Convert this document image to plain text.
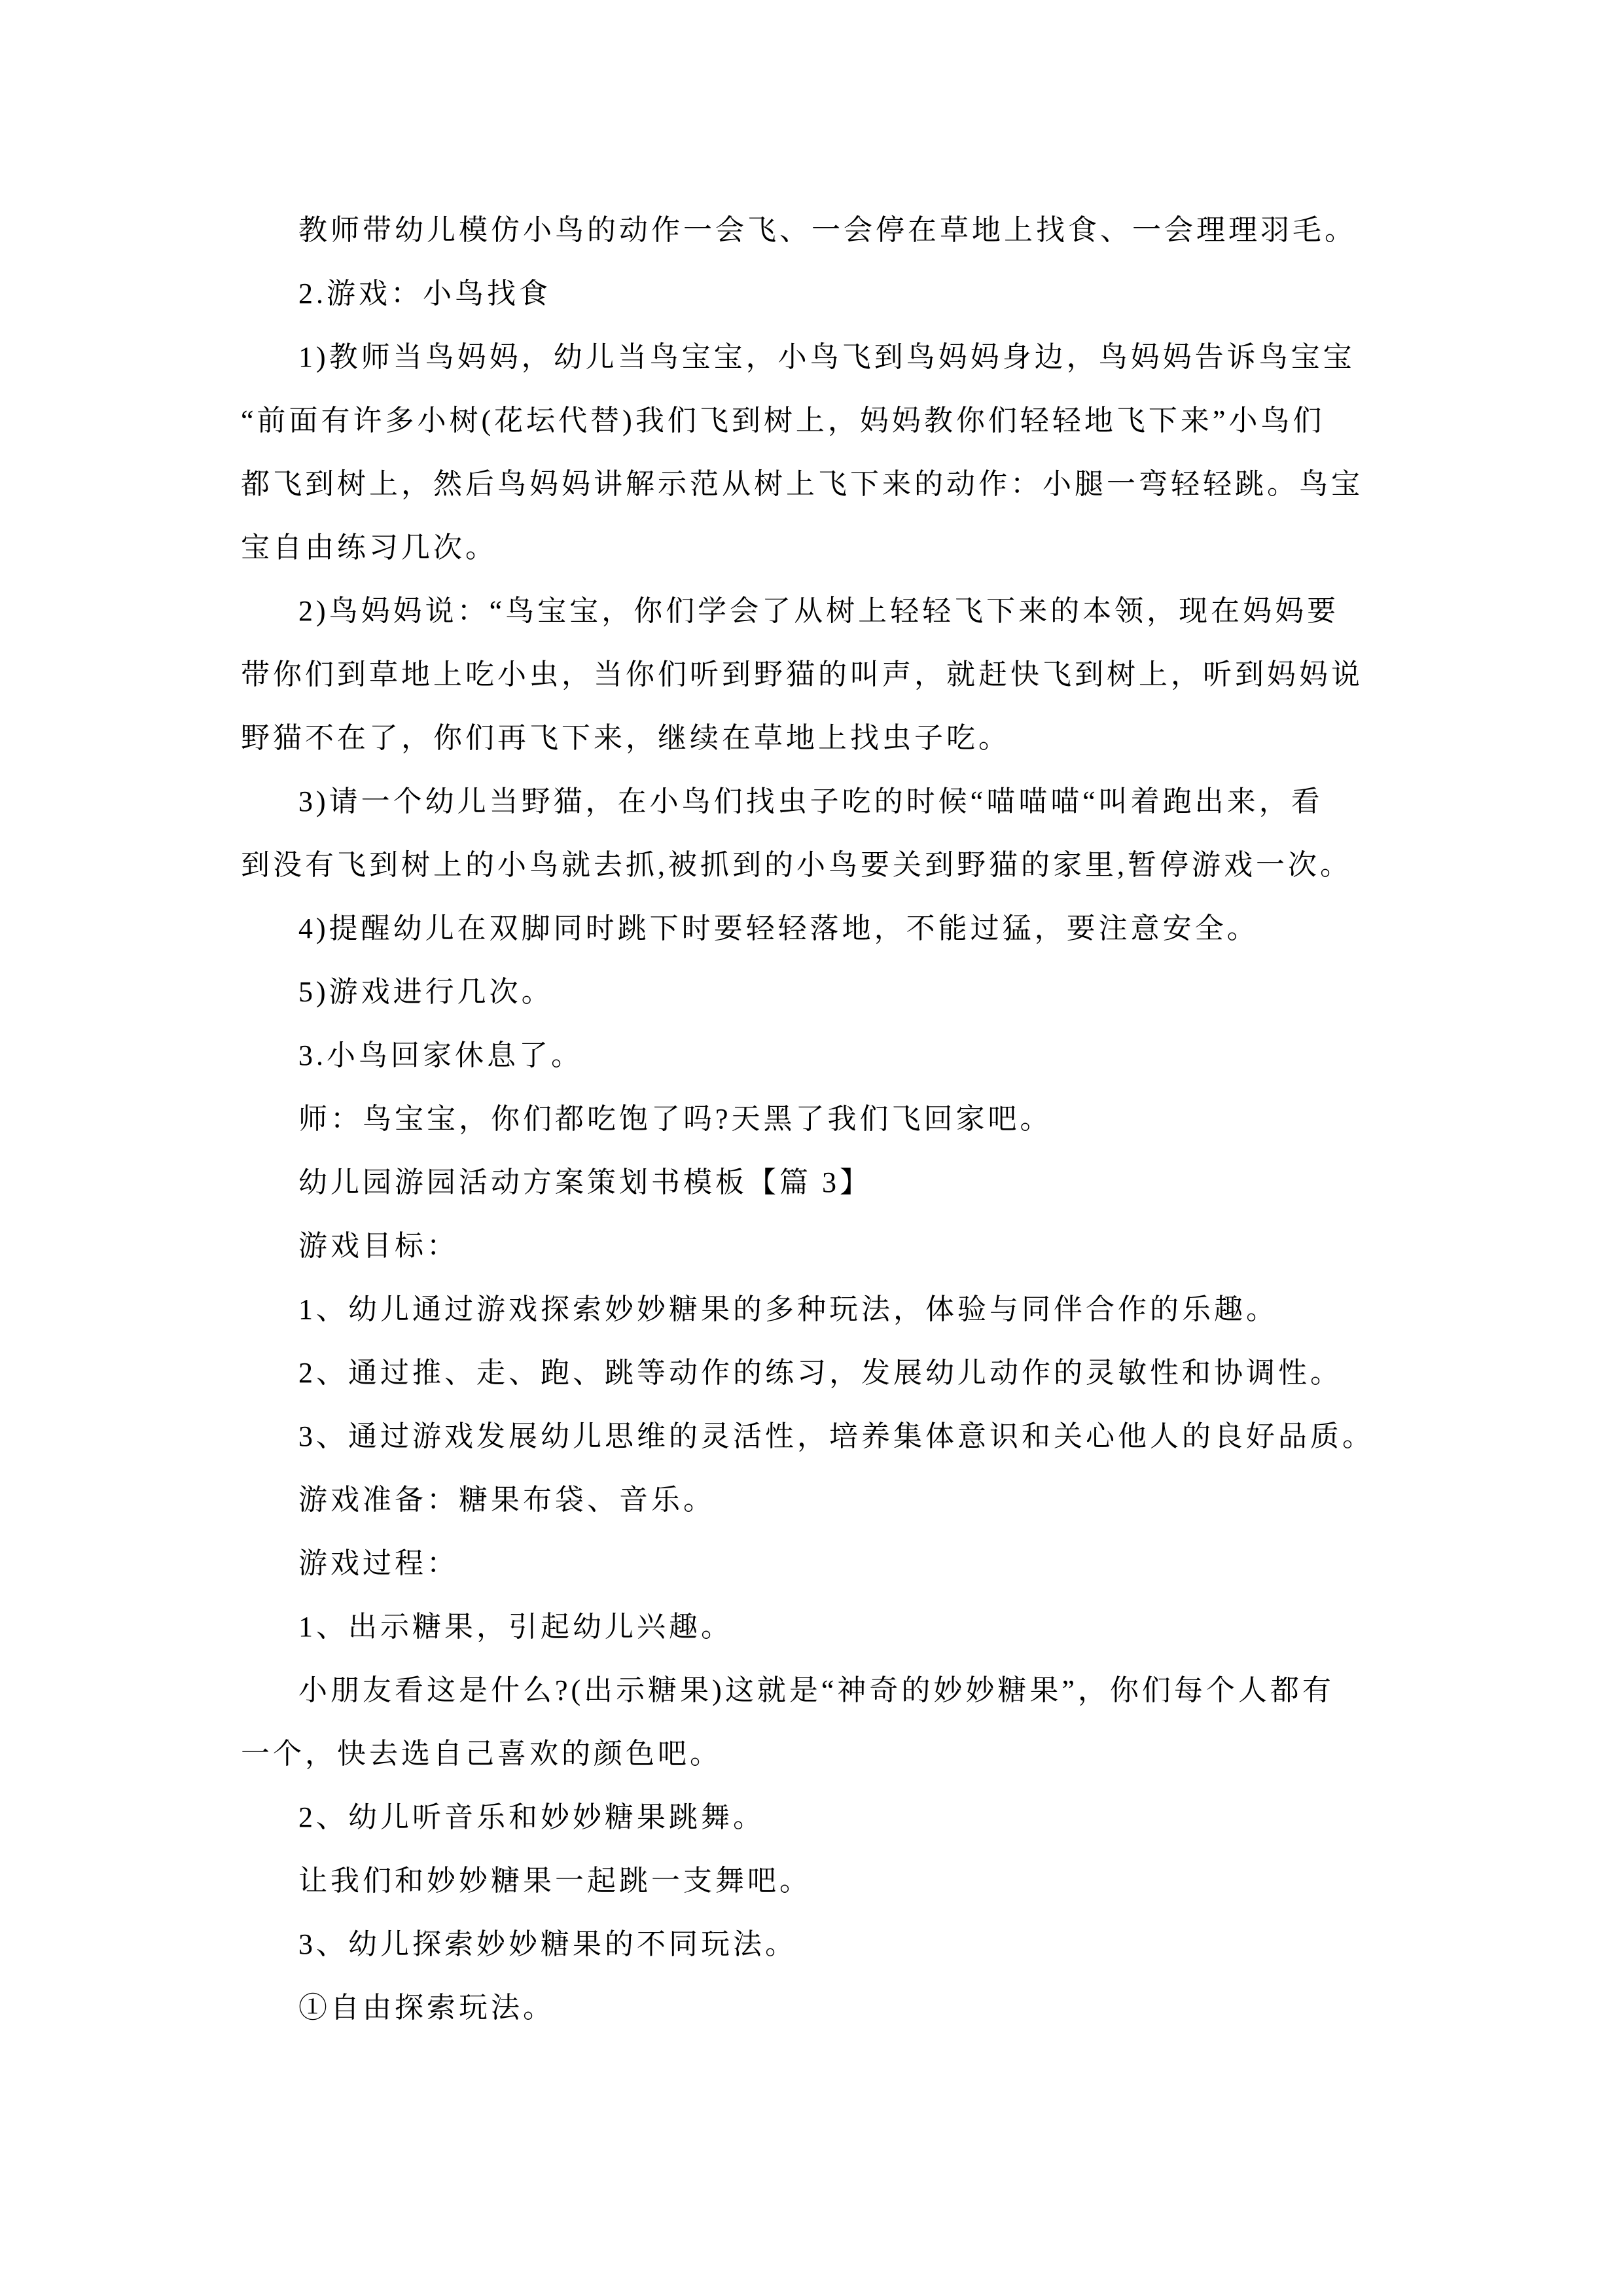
教师带幼儿模仿小鸟的动作一会飞、一会停在草地上找食、一会理理羽毛。
2.游戏：小鸟找食
1)教师当鸟妈妈，幼儿当鸟宝宝，小鸟飞到鸟妈妈身边，鸟妈妈告诉鸟宝宝
“前面有许多小树(花坛代替)我们飞到树上，妈妈教你们轻轻地飞下来”小鸟们
都飞到树上，然后鸟妈妈讲解示范从树上飞下来的动作：小腿一弯轻轻跳。鸟宝
宝自由练习几次。
2)鸟妈妈说：“鸟宝宝，你们学会了从树上轻轻飞下来的本领，现在妈妈要
带你们到草地上吃小虫，当你们听到野猫的叫声，就赶快飞到树上，听到妈妈说
野猫不在了，你们再飞下来，继续在草地上找虫子吃。
3)请一个幼儿当野猫，在小鸟们找虫子吃的时候“喵喵喵“叫着跑出来，看
到没有飞到树上的小鸟就去抓,被抓到的小鸟要关到野猫的家里,暂停游戏一次。
4)提醒幼儿在双脚同时跳下时要轻轻落地，不能过猛，要注意安全。
5)游戏进行几次。
3.小鸟回家休息了。
师：鸟宝宝，你们都吃饱了吗?天黑了我们飞回家吧。
幼儿园游园活动方案策划书模板【篇 3】
游戏目标：
1、幼儿通过游戏探索妙妙糖果的多种玩法，体验与同伴合作的乐趣。
2、通过推、走、跑、跳等动作的练习，发展幼儿动作的灵敏性和协调性。
3、通过游戏发展幼儿思维的灵活性，培养集体意识和关心他人的良好品质。
游戏准备：糖果布袋、音乐。
游戏过程：
1、出示糖果，引起幼儿兴趣。
小朋友看这是什么?(出示糖果)这就是“神奇的妙妙糖果”，你们每个人都有
一个，快去选自己喜欢的颜色吧。
2、幼儿听音乐和妙妙糖果跳舞。
让我们和妙妙糖果一起跳一支舞吧。
3、幼儿探索妙妙糖果的不同玩法。
①自由探索玩法。
